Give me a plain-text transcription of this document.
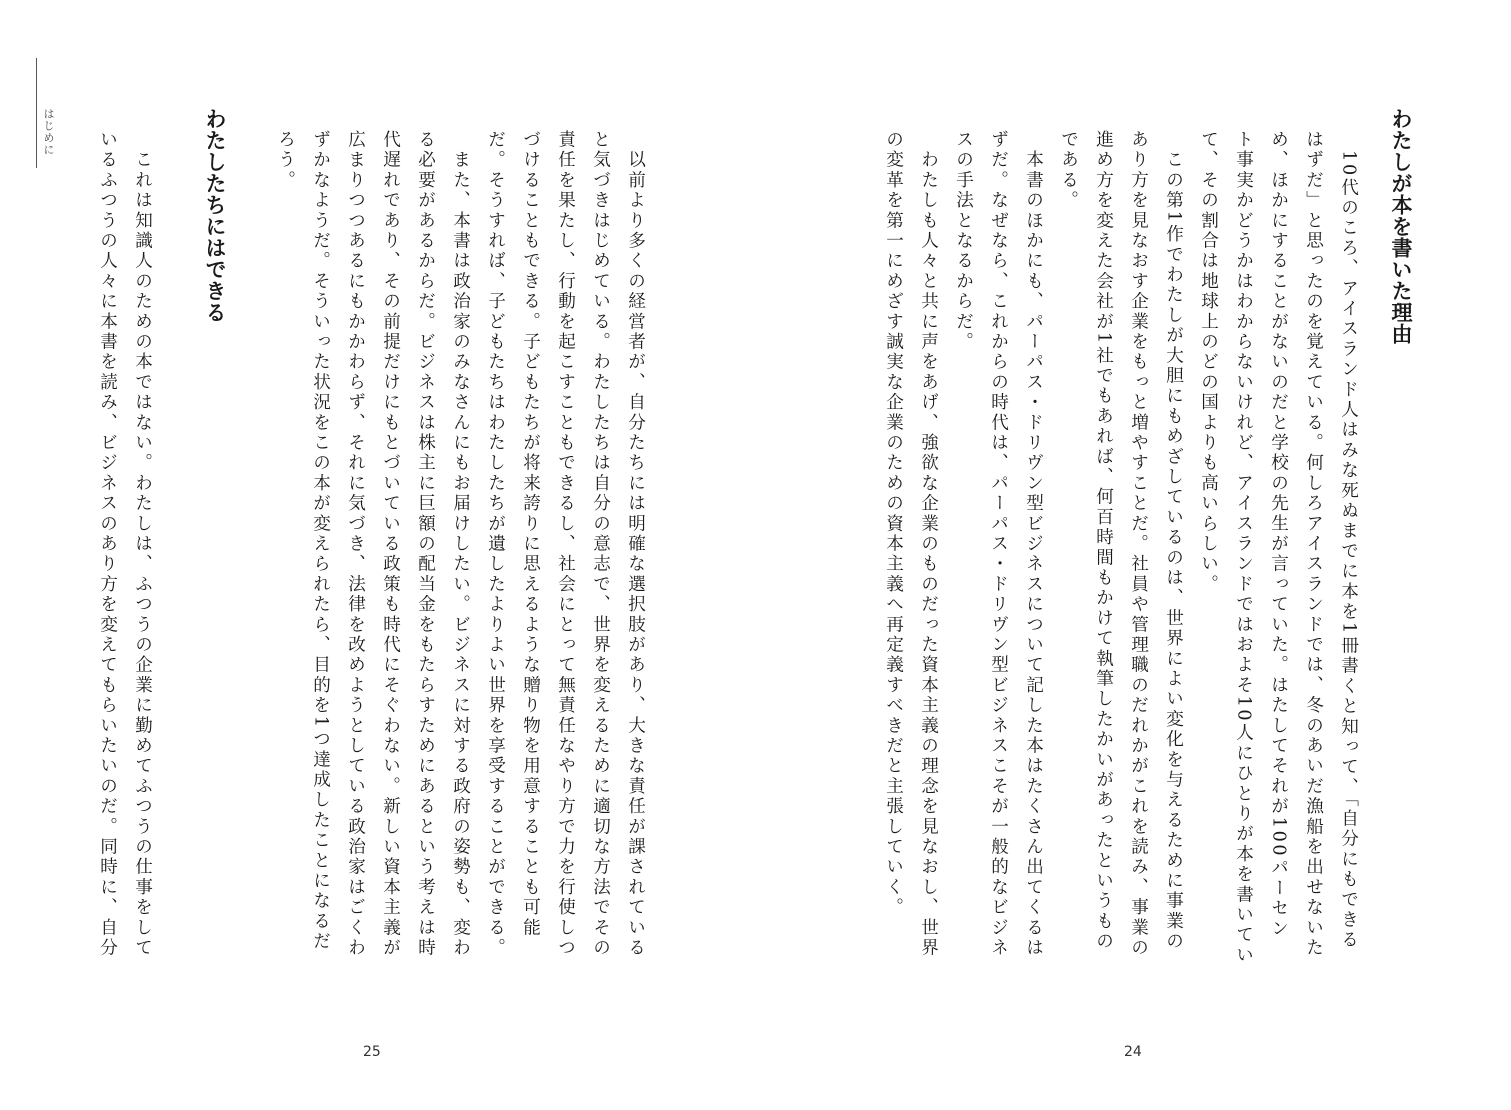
わたしが本を書いた理由
　10代のころ、アイスランド人はみな死ぬまでに本を1冊書くと知って、「自分にもできる
はずだ」と思ったのを覚えている。何しろアイスランドでは、冬のあいだ漁船を出せないた
め、ほかにすることがないのだと学校の先生が言っていた。はたしてそれが100パーセン
ト事実かどうかはわからないけれど、アイスランドではおよそ10人にひとりが本を書いてい
て、その割合は地球上のどの国よりも高いらしい。
　この第1作でわたしが大胆にもめざしているのは、世界によい変化を与えるために事業の
あり方を見なおす企業をもっと増やすことだ。社員や管理職のだれかがこれを読み、事業の
進め方を変えた会社が1社でもあれば、何百時間もかけて執筆したかいがあったというもの
である。
　本書のほかにも、パーパス・ドリヴン型ビジネスについて記した本はたくさん出てくるは
ずだ。なぜなら、これからの時代は、パーパス・ドリヴン型ビジネスこそが一般的なビジネ
スの手法となるからだ。
　わたしも人々と共に声をあげ、強欲な企業のものだった資本主義の理念を見なおし、世界
の変革を第一にめざす誠実な企業のための資本主義へ再定義すべきだと主張していく。
24
はじめに	　以前より多くの経営者が、自分たちには明確な選択肢があり、大きな責任が課されている
と気づきはじめている。わたしたちは自分の意志で、世界を変えるために適切な方法でその
責任を果たし、行動を起こすこともできるし、社会にとって無責任なやり方で力を行使しつ
づけることもできる。子どもたちが将来誇りに思えるような贈り物を用意することも可能
だ。そうすれば、子どもたちはわたしたちが遺したよりよい世界を享受することができる。
　また、本書は政治家のみなさんにもお届けしたい。ビジネスに対する政府の姿勢も、変わ
る必要があるからだ。ビジネスは株主に巨額の配当金をもたらすためにあるという考えは時
代遅れであり、その前提だけにもとづいている政策も時代にそぐわない。新しい資本主義が
広まりつつあるにもかかわらず、それに気づき、法律を改めようとしている政治家はごくわ
ずかなようだ。そういった状況をこの本が変えられたら、目的を1つ達成したことになるだ
ろう。
わたしたちにはできる
　これは知識人のための本ではない。わたしは、ふつうの企業に勤めてふつうの仕事をして
いるふつうの人々に本書を読み、ビジネスのあり方を変えてもらいたいのだ。同時に、自分
25
